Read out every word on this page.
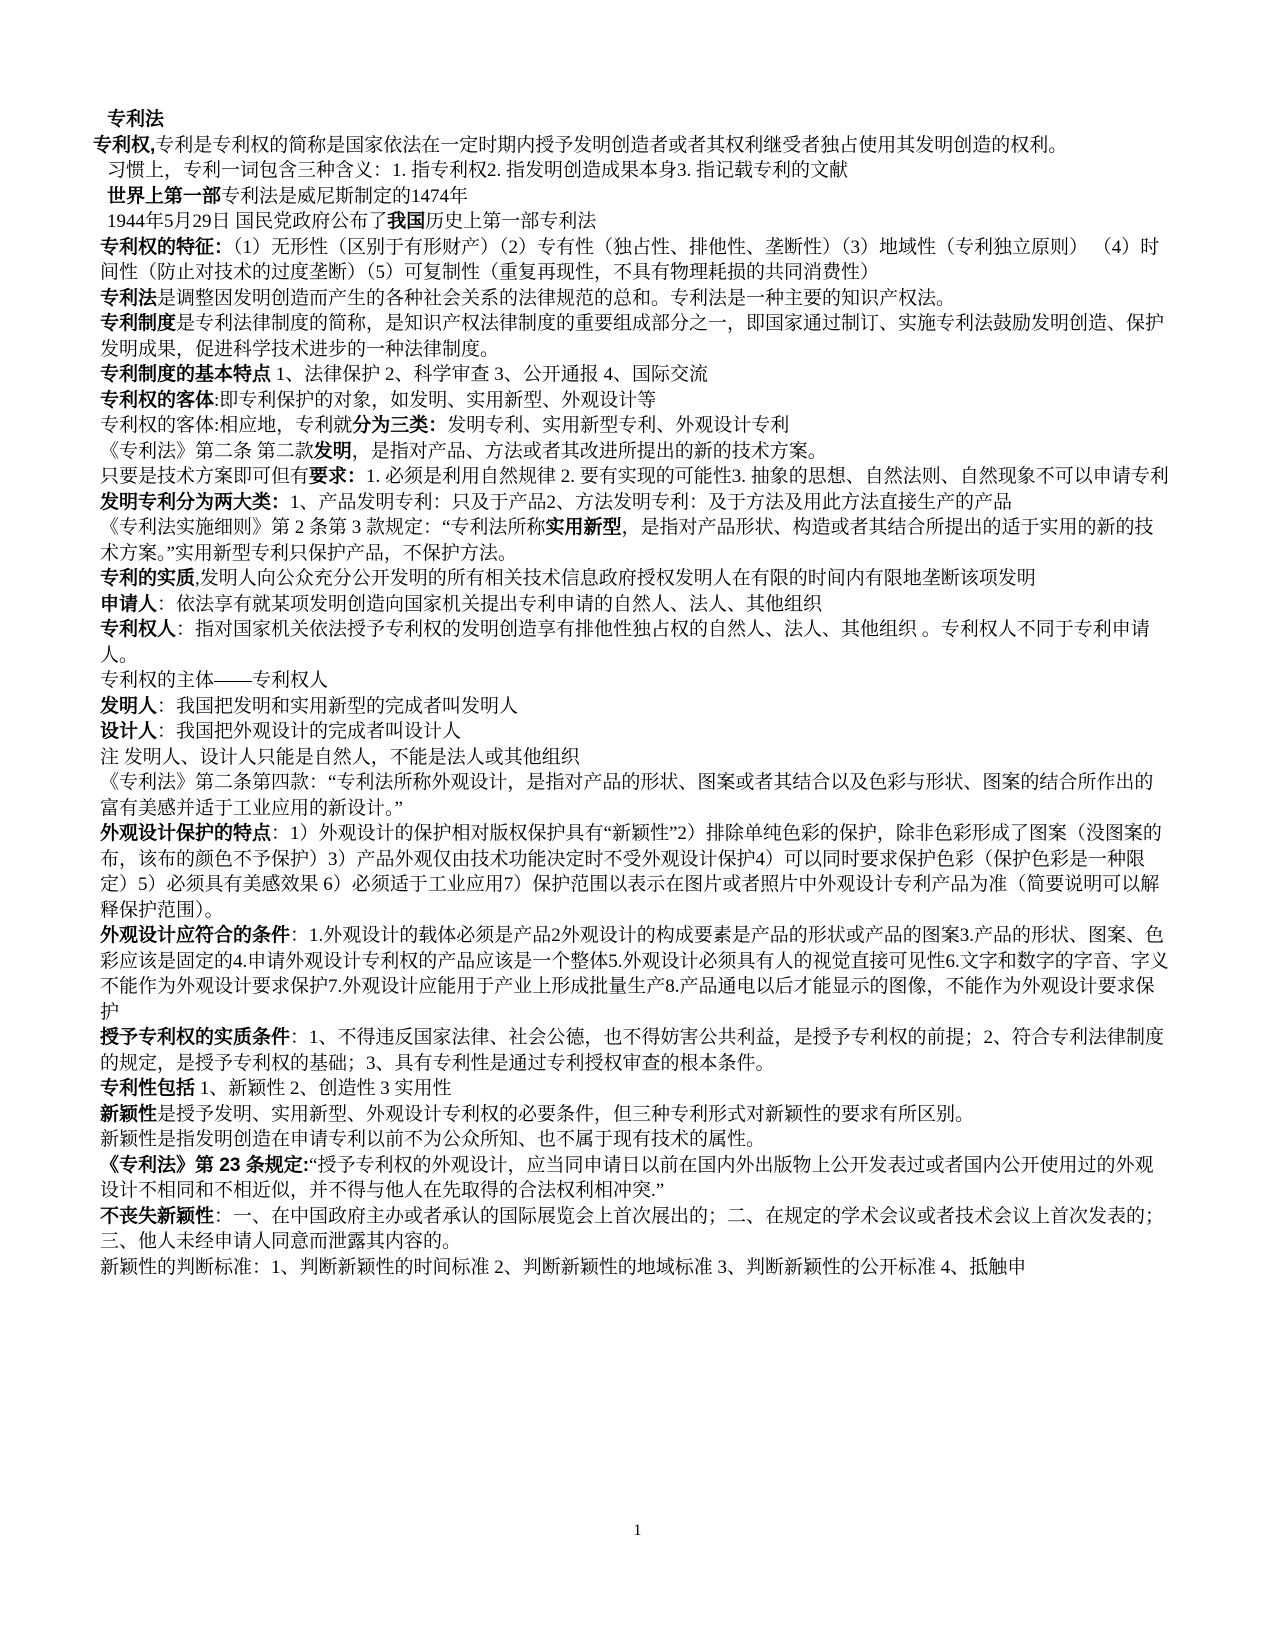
专利法

专利权,专利是专利权的简称是国家依法在一定时期内授予发明创造者或者其权利继受者独占使用其发明创造的权利。

习惯上，专利一词包含三种含义：1. 指专利权2. 指发明创造成果本身3. 指记载专利的文献

世界上第一部专利法是威尼斯制定的1474年

1944年5月29日 国民党政府公布了我国历史上第一部专利法

专利权的特征：（1）无形性（区别于有形财产）（2）专有性（独占性、排他性、垄断性）（3）地域性（专利独立原则） （4）时间性（防止对技术的过度垄断）（5）可复制性（重复再现性，不具有物理耗损的共同消费性）

专利法是调整因发明创造而产生的各种社会关系的法律规范的总和。专利法是一种主要的知识产权法。

专利制度是专利法律制度的简称，是知识产权法律制度的重要组成部分之一，即国家通过制订、实施专利法鼓励发明创造、保护发明成果，促进科学技术进步的一种法律制度。

专利制度的基本特点 1、法律保护 2、科学审查 3、公开通报 4、国际交流

专利权的客体:即专利保护的对象，如发明、实用新型、外观设计等

专利权的客体:相应地，专利就分为三类：发明专利、实用新型专利、外观设计专利

《专利法》第二条 第二款发明，是指对产品、方法或者其改进所提出的新的技术方案。

只要是技术方案即可但有要求：1. 必须是利用自然规律 2. 要有实现的可能性3. 抽象的思想、自然法则、自然现象不可以申请专利

发明专利分为两大类：1、产品发明专利：只及于产品2、方法发明专利：及于方法及用此方法直接生产的产品

《专利法实施细则》第 2 条第 3 款规定：“专利法所称实用新型，是指对产品形状、构造或者其结合所提出的适于实用的新的技术方案。”实用新型专利只保护产品，不保护方法。

专利的实质,发明人向公众充分公开发明的所有相关技术信息政府授权发明人在有限的时间内有限地垄断该项发明

申请人：依法享有就某项发明创造向国家机关提出专利申请的自然人、法人、其他组织

专利权人：指对国家机关依法授予专利权的发明创造享有排他性独占权的自然人、法人、其他组织 。专利权人不同于专利申请人。

专利权的主体——专利权人

发明人：我国把发明和实用新型的完成者叫发明人

设计人：我国把外观设计的完成者叫设计人

注 发明人、设计人只能是自然人，不能是法人或其他组织

《专利法》第二条第四款：“专利法所称外观设计，是指对产品的形状、图案或者其结合以及色彩与形状、图案的结合所作出的富有美感并适于工业应用的新设计。”

外观设计保护的特点：1）外观设计的保护相对版权保护具有“新颖性”2）排除单纯色彩的保护，除非色彩形成了图案（没图案的布，该布的颜色不予保护）3）产品外观仅由技术功能决定时不受外观设计保护4）可以同时要求保护色彩（保护色彩是一种限定）5）必须具有美感效果 6）必须适于工业应用7）保护范围以表示在图片或者照片中外观设计专利产品为准（简要说明可以解释保护范围）。

外观设计应符合的条件：1.外观设计的载体必须是产品2外观设计的构成要素是产品的形状或产品的图案3.产品的形状、图案、色彩应该是固定的4.申请外观设计专利权的产品应该是一个整体5.外观设计必须具有人的视觉直接可见性6.文字和数字的字音、字义不能作为外观设计要求保护7.外观设计应能用于产业上形成批量生产8.产品通电以后才能显示的图像，不能作为外观设计要求保护

授予专利权的实质条件：1、不得违反国家法律、社会公德，也不得妨害公共利益，是授予专利权的前提；2、符合专利法律制度的规定，是授予专利权的基础；3、具有专利性是通过专利授权审查的根本条件。

专利性包括 1、新颖性 2、创造性 3 实用性

新颖性是授予发明、实用新型、外观设计专利权的必要条件，但三种专利形式对新颖性的要求有所区别。

新颖性是指发明创造在申请专利以前不为公众所知、也不属于现有技术的属性。

《专利法》第 23 条规定:“授予专利权的外观设计，应当同申请日以前在国内外出版物上公开发表过或者国内公开使用过的外观设计不相同和不相近似，并不得与他人在先取得的合法权利相冲突.”

不丧失新颖性：一、在中国政府主办或者承认的国际展览会上首次展出的；二、在规定的学术会议或者技术会议上首次发表的；三、他人未经申请人同意而泄露其内容的。

新颖性的判断标准：1、判断新颖性的时间标准 2、判断新颖性的地域标准 3、判断新颖性的公开标准 4、抵触申

1
